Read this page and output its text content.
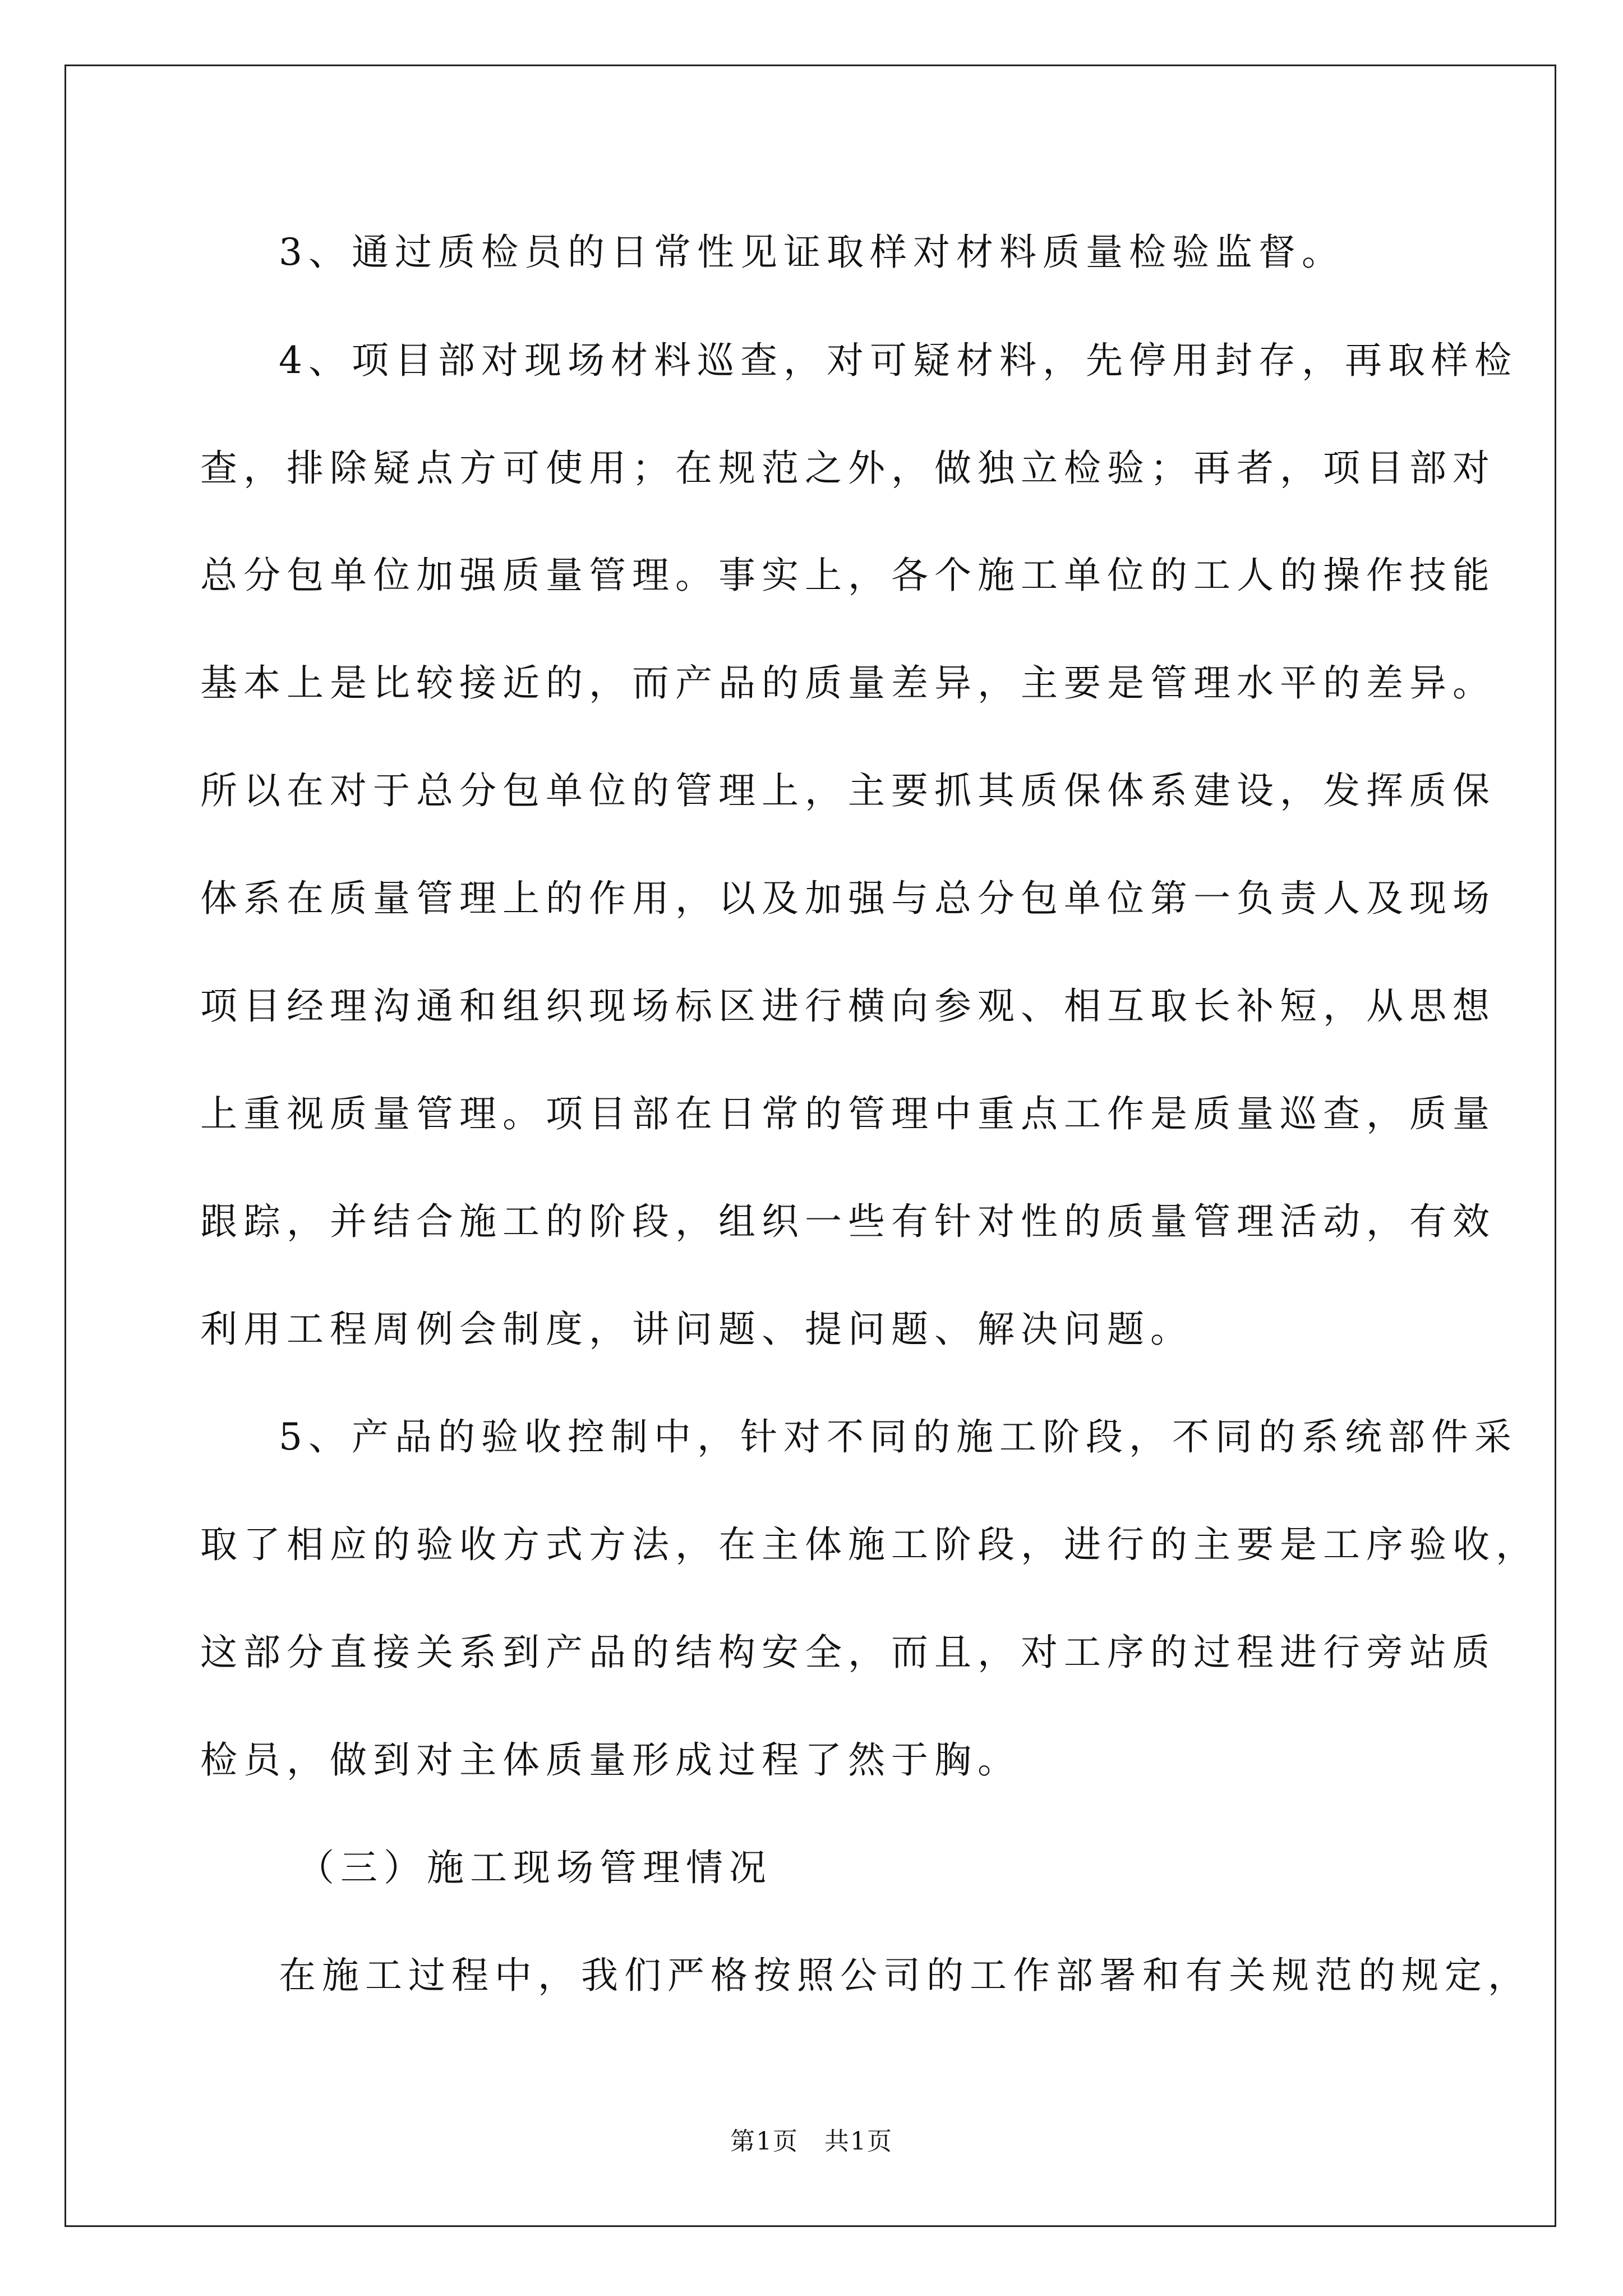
3、通过质检员的日常性见证取样对材料质量检验监督。
4、项目部对现场材料巡查，对可疑材料，先停用封存，再取样检
查，排除疑点方可使用；在规范之外，做独立检验；再者，项目部对
总分包单位加强质量管理。事实上，各个施工单位的工人的操作技能
基本上是比较接近的，而产品的质量差异，主要是管理水平的差异。
所以在对于总分包单位的管理上，主要抓其质保体系建设，发挥质保
体系在质量管理上的作用，以及加强与总分包单位第一负责人及现场
项目经理沟通和组织现场标区进行横向参观、相互取长补短，从思想
上重视质量管理。项目部在日常的管理中重点工作是质量巡查，质量
跟踪，并结合施工的阶段，组织一些有针对性的质量管理活动，有效
利用工程周例会制度，讲问题、提问题、解决问题。
5、产品的验收控制中，针对不同的施工阶段，不同的系统部件采
取了相应的验收方式方法，在主体施工阶段，进行的主要是工序验收，
这部分直接关系到产品的结构安全，而且，对工序的过程进行旁站质
检员，做到对主体质量形成过程了然于胸。
（三）施工现场管理情况
在施工过程中，我们严格按照公司的工作部署和有关规范的规定，
第1页　共1页
